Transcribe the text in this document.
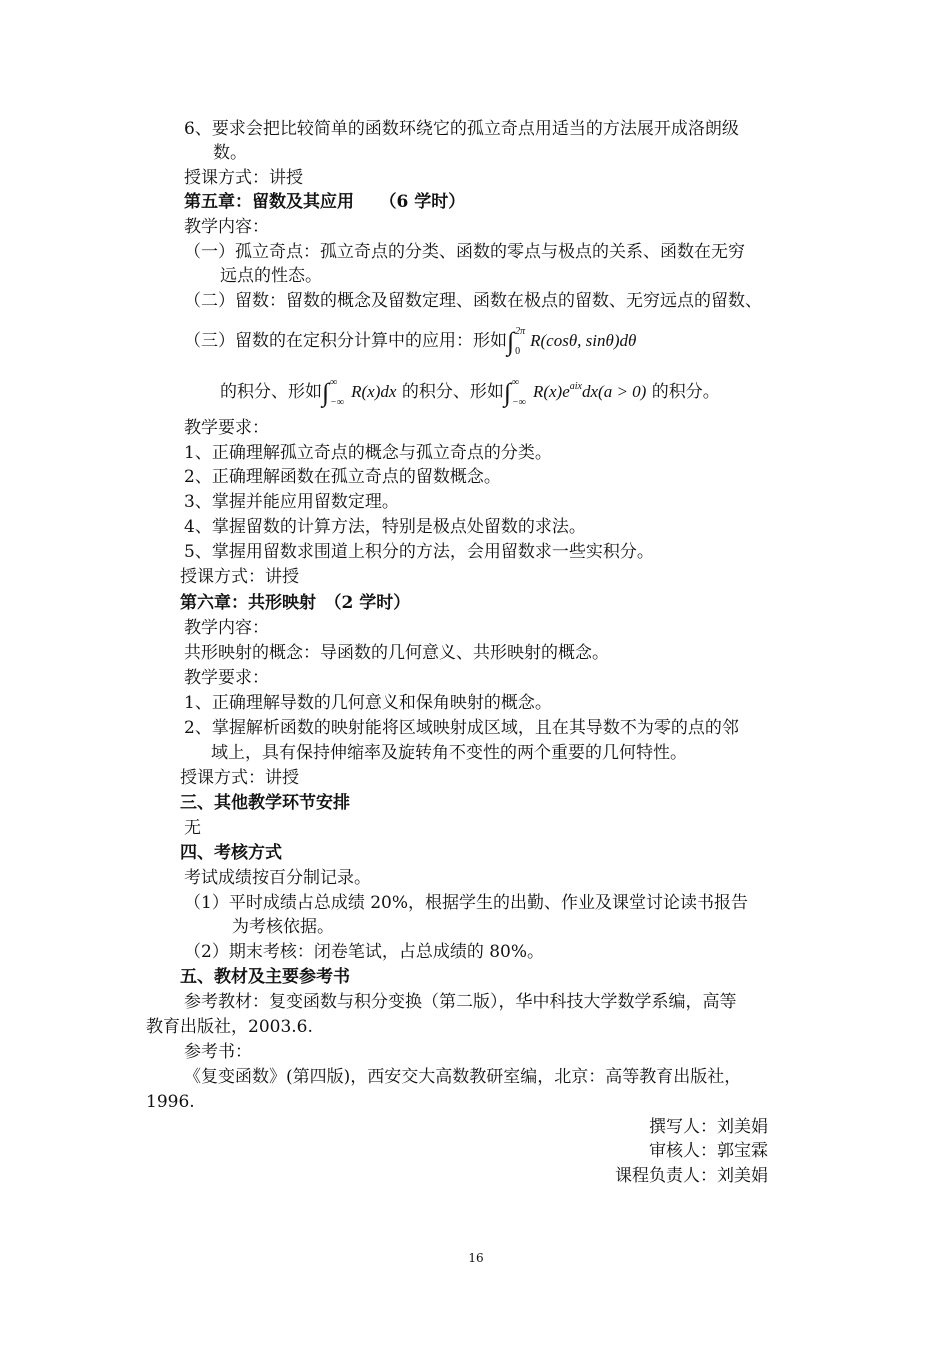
6、要求会把比较简单的函数环绕它的孤立奇点用适当的方法展开成洛朗级
数。
授课方式：讲授
第五章：留数及其应用　　（6 学时）
教学内容：
（一）孤立奇点：孤立奇点的分类、函数的零点与极点的关系、函数在无穷
远点的性态。
（二）留数：留数的概念及留数定理、函数在极点的留数、无穷远点的留数、
（三）留数的在定积分计算中的应用：形如∫ 2π
0
R(cosθ, sinθ)dθ
的积分、形如∫ ∞
−∞
R(x)dx 的积分、形如∫ ∞
−∞
$R(x)e^{aix}dx(a > 0)$ 的积分。
教学要求：
1、正确理解孤立奇点的概念与孤立奇点的分类。
2、正确理解函数在孤立奇点的留数概念。
3、掌握并能应用留数定理。
4、掌握留数的计算方法，特别是极点处留数的求法。
5、掌握用留数求围道上积分的方法，会用留数求一些实积分。
授课方式：讲授
第六章：共形映射　（2 学时）
教学内容：
共形映射的概念：导函数的几何意义、共形映射的概念。
教学要求：
1、正确理解导数的几何意义和保角映射的概念。
2、掌握解析函数的映射能将区域映射成区域，且在其导数不为零的点的邻
域上，具有保持伸缩率及旋转角不变性的两个重要的几何特性。
授课方式：讲授
三、其他教学环节安排
无
四、考核方式
考试成绩按百分制记录。
（1）平时成绩占总成绩 20%，根据学生的出勤、作业及课堂讨论读书报告
为考核依据。
（2）期末考核：闭卷笔试，占总成绩的 80%。
五、教材及主要参考书
参考教材：复变函数与积分变换（第二版），华中科技大学数学系编，高等
教育出版社，2003.6.
参考书：
《复变函数》(第四版)，西安交大高数教研室编，北京：高等教育出版社，
1996.
撰写人：刘美娟
审核人：郭宝霖
课程负责人：刘美娟
16
